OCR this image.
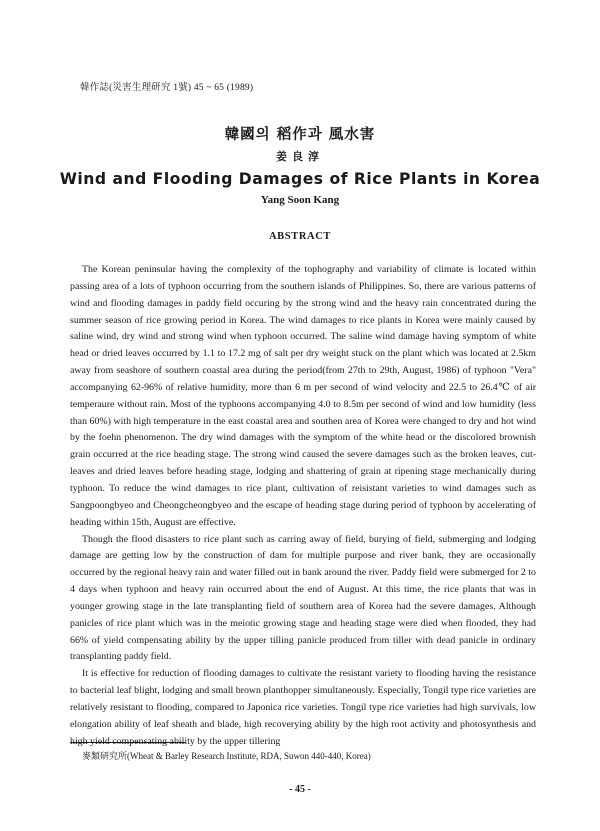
韓作誌(災害生理研究 1號) 45 ~ 65 (1989)
韓國의 稻作과 風水害
姜良淳
Wind and Flooding Damages of Rice Plants in Korea
Yang Soon Kang
ABSTRACT

The Korean peninsular having the complexity of the tophography and variability of climate is located within passing area of a lots of typhoon occurring from the southern islands of Philippines. So, there are various patterns of wind and flooding damages in paddy field occuring by the strong wind and the heavy rain concentrated during the summer season of rice growing period in Korea. The wind damages to rice plants in Korea were mainly caused by saline wind, dry wind and strong wind when typhoon occurred. The saline wind damage having symptom of white head or dried leaves occurred by 1.1 to 17.2 mg of salt per dry weight stuck on the plant which was located at 2.5km away from seashore of southern coastal area during the period(from 27th to 29th, August, 1986) of typhoon "Vera" accompanying 62-96% of relative humidity, more than 6 m per second of wind velocity and 22.5 to 26.4℃ of air temperaure without rain. Most of the typhoons accompanying 4.0 to 8.5m per second of wind and low humidity (less than 60%) with high temperature in the east coastal area and southen area of Korea were changed to dry and hot wind by the foehn phenomenon. The dry wind damages with the symptom of the white head or the discolored brownish grain occurred at the rice heading stage. The strong wind caused the severe damages such as the broken leaves, cut-leaves and dried leaves before heading stage, lodging and shattering of grain at ripening stage mechanically during typhoon. To reduce the wind damages to rice plant, cultivation of reisistant varieties to wind damages such as Sangpoongbyeo and Cheongcheongbyeo and the escape of heading stage during period of typhoon by accelerating of heading within 15th, August are effective.

Though the flood disasters to rice plant such as carring away of field, burying of field, submerging and lodging damage are getting low by the construction of dam for multiple purpose and river bank, they are occasionally occurred by the regional heavy rain and water filled out in bank around the river. Paddy field were submerged for 2 to 4 days when typhoon and heavy rain occurred about the end of August. At this time, the rice plants that was in younger growing stage in the late transplanting field of southern area of Korea had the severe damages. Although panicles of rice plant which was in the meiotic growing stage and heading stage were died when flooded, they had 66% of yield compensating ability by the upper tilling panicle produced from tiller with dead panicle in ordinary transplanting paddy field.

It is effective for reduction of flooding damages to cultivate the resistant variety to flooding having the resistance to bacterial leaf blight, lodging and small brown planthopper simultaneously. Especially, Tongil type rice varieties are relatively resistant to flooding, compared to Japonica rice varieties. Tongil type rice varieties had high survivals, low elongation ability of leaf sheath and blade, high recoverying ability by the high root activity and photosynthesis and high yield compensating ability by the upper tillering

麥類研究所(Wheat & Barley Research Institute, RDA, Suwon 440-440, Korea)
- 45 -
